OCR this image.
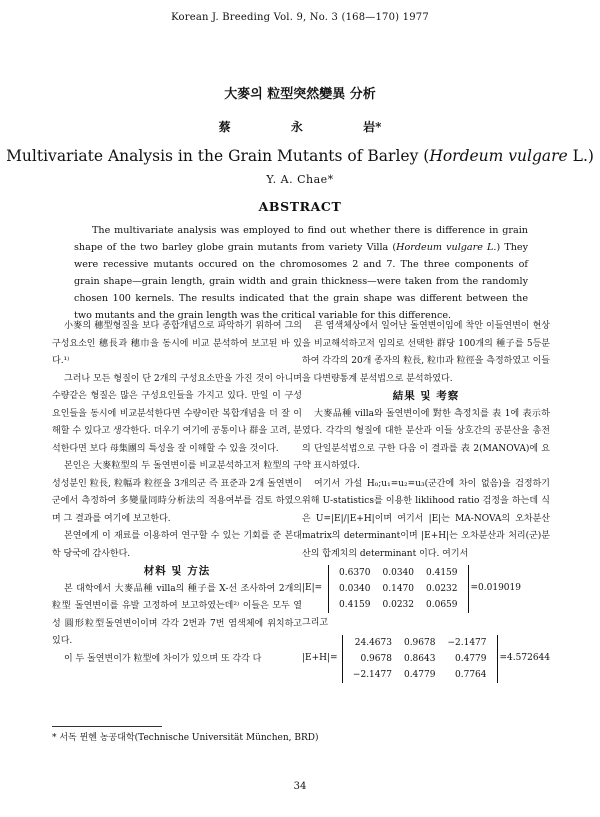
Korean J. Breeding Vol. 9, No. 3 (168—170) 1977
大麥의 粒型突然變異 分析
蔡	永	岩*
Multivariate Analysis in the Grain Mutants of Barley (Hordeum vulgare L.)
Y. A. Chae*
ABSTRACT
The multivariate analysis was employed to find out whether there is difference in grain shape of the two barley globe grain mutants from variety Villa (Hordeum vulgare L.) They were recessive mutants occured on the chromosomes 2 and 7. The three components of grain shape—grain length, grain width and grain thickness—were taken from the randomly chosen 100 kernels. The results indicated that the grain shape was different between the two mutants and the grain length was the critical variable for this difference.

小麥의 穗型형질을 보다 종합개념으로 파악하기 위하여 그의 구성요소인 穗長과 穗巾을 동시에 비교 분석하여 보고된 바 있다.¹⁾

그러나 모든 형질이 단 2개의 구성요소만을 가진 것이 아니며 수량같은 형질은 많은 구성요인들을 가지고 있다. 만일 이 구성요인들을 동시에 비교분석한다면 수량이란 복합개념을 더 잘 이해할 수 있다고 생각한다. 더우기 여기에 공통이나 群을 고려, 분석한다면 보다 母集團의 특성을 잘 이해할 수 있을 것이다.

본인은 大麥粒型의 두 돌연변이를 비교분석하고저 粒型의 구성성분인 粒長, 粒幅과 粒徑을 3개의군 즉 표준과 2개 돌연변이군에서 측정하여 多變量同時分析法의 적용여부를 검토 하였으며 그 결과를 여기에 보고한다.

본연에게 이 재료를 이용하여 연구할 수 있는 기회를 준 본대학 당국에 감사한다.

材料 및 方法

본 대학에서 大麥品種 villa의 種子를 X-선 조사하여 2개의 粒型 돌연변이를 유발 고정하여 보고하였는데²⁾ 이들은 모두 열성 圓形粒型돌연변이이며 각각 2번과 7번 염색체에 위치하고 있다.

이 두 돌연변이가 粒型에 차이가 있으며 또 각각 다

른 염색체상에서 일어난 돌연변이임에 착안 이들연변이 현상을 비교해석하고저 임의로 선택한 群당 100개의 種子를 5등분하여 각각의 20개 종자의 粒長, 粒巾과 粒徑을 측정하였고 이들을 다변량통계 분석법으로 분석하였다.

結果 및 考察

大麥品種 villa와 돌연변이에 對한 측정치를 表 1에 表示하였다. 각각의 형질에 대한 분산과 이들 상호간의 공분산을 총전의 단일분석법으로 구한 다음 이 결과를 表 2(MANOVA)에 요약 표시하였다.

여기서 가설 H₀;u₁=u₂=u₃(군간에 차이 없음)을 검정하기 위해 U-statistics를 이용한 liklihood ratio 검정을 하는데 식은 U=|E|/|E+H|이며 여기서 |E|는 MA-NOVA의 오차분산 matrix의 determinant이며 |E+H|는 오차분산과 처리(군)분산의 합계치의 determinant 이다. 여기서

|E|=
0.6370	0.0340	0.4159
0.0340	0.1470	0.0232
0.4159	0.0232	0.0659
=0.019019

그리고

|E+H|=
24.4673	0.9678	−2.1477
0.9678	0.8643	0.4779
−2.1477	0.4779	0.7764
=4.572644
* 서독 뮌헨 농공대학(Technische Universität München, BRD)
34
